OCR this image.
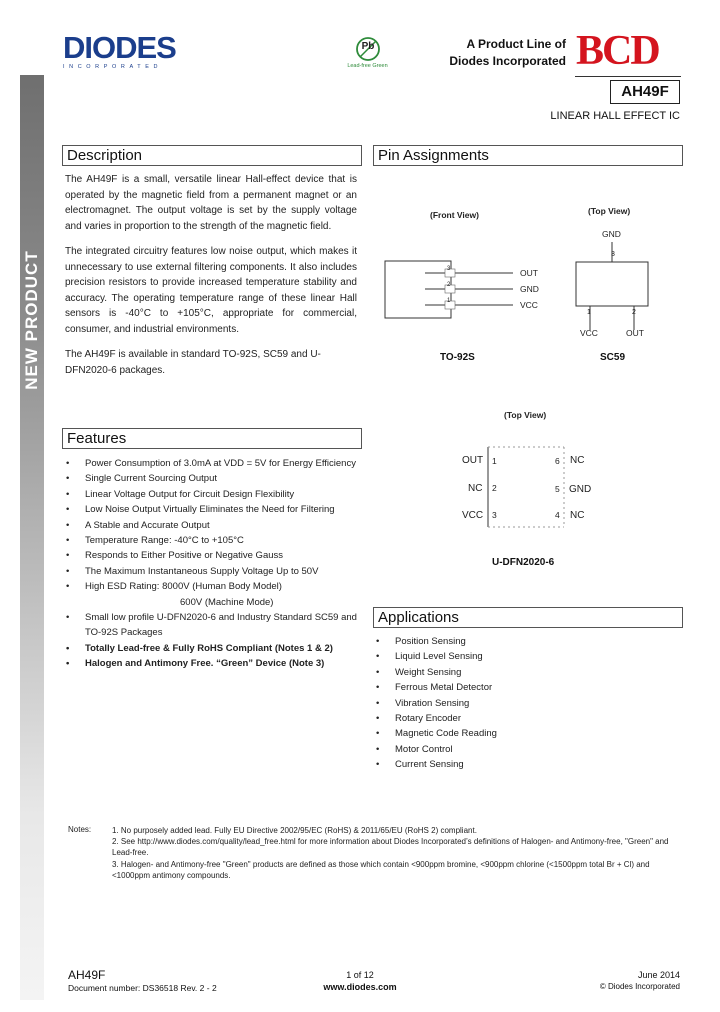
DIODES
INCORPORATED
Pb
Lead-free Green
A Product Line of
Diodes Incorporated BCD
AH49F
LINEAR HALL EFFECT IC
NEW PRODUCT
Description
The AH49F is a small, versatile linear Hall-effect device that is operated by the magnetic field from a permanent magnet or an electromagnet. The output voltage is set by the supply voltage and varies in proportion to the strength of the magnetic field.
The integrated circuitry features low noise output, which makes it unnecessary to use external filtering components. It also includes precision resistors to provide increased temperature stability and accuracy. The operating temperature range of these linear Hall sensors is -40°C to +105°C, appropriate for commercial, consumer, and industrial environments.
The AH49F is available in standard TO-92S, SC59 and U-DFN2020-6 packages.
Features
• Power Consumption of 3.0mA at VDD = 5V for Energy Efficiency
• Single Current Sourcing Output
• Linear Voltage Output for Circuit Design Flexibility
• Low Noise Output Virtually Eliminates the Need for Filtering
• A Stable and Accurate Output
• Temperature Range: -40°C to +105°C
• Responds to Either Positive or Negative Gauss
• The Maximum Instantaneous Supply Voltage Up to 50V
• High ESD Rating: 8000V (Human Body Model)
600V (Machine Mode)
• Small low profile U-DFN2020-6 and Industry Standard SC59 and TO-92S Packages
• Totally Lead-free & Fully RoHS Compliant (Notes 1 & 2)
• Halogen and Antimony Free. “Green” Device (Note 3)
Pin Assignments
(Front View)	(Top View)
3
2
1
OUT
GND
VCC
TO-92S
GND
3
1	2
VCC	OUT
SC59
(Top View)
OUT
NC
VCC
1
2
3
6
5
4
NC
GND
NC
U-DFN2020-6
Applications
• Position Sensing
• Liquid Level Sensing
• Weight Sensing
• Ferrous Metal Detector
• Vibration Sensing
• Rotary Encoder
• Magnetic Code Reading
• Motor Control
• Current Sensing
Notes:	1. No purposely added lead. Fully EU Directive 2002/95/EC (RoHS) & 2011/65/EU (RoHS 2) compliant.
2. See http://www.diodes.com/quality/lead_free.html for more information about Diodes Incorporated’s definitions of Halogen- and Antimony-free, "Green" and Lead-free.
3. Halogen- and Antimony-free "Green" products are defined as those which contain <900ppm bromine, <900ppm chlorine (<1500ppm total Br + Cl) and <1000ppm antimony compounds.
AH49F
Document number: DS36518 Rev. 2 - 2
1 of 12
www.diodes.com
June 2014
© Diodes Incorporated
